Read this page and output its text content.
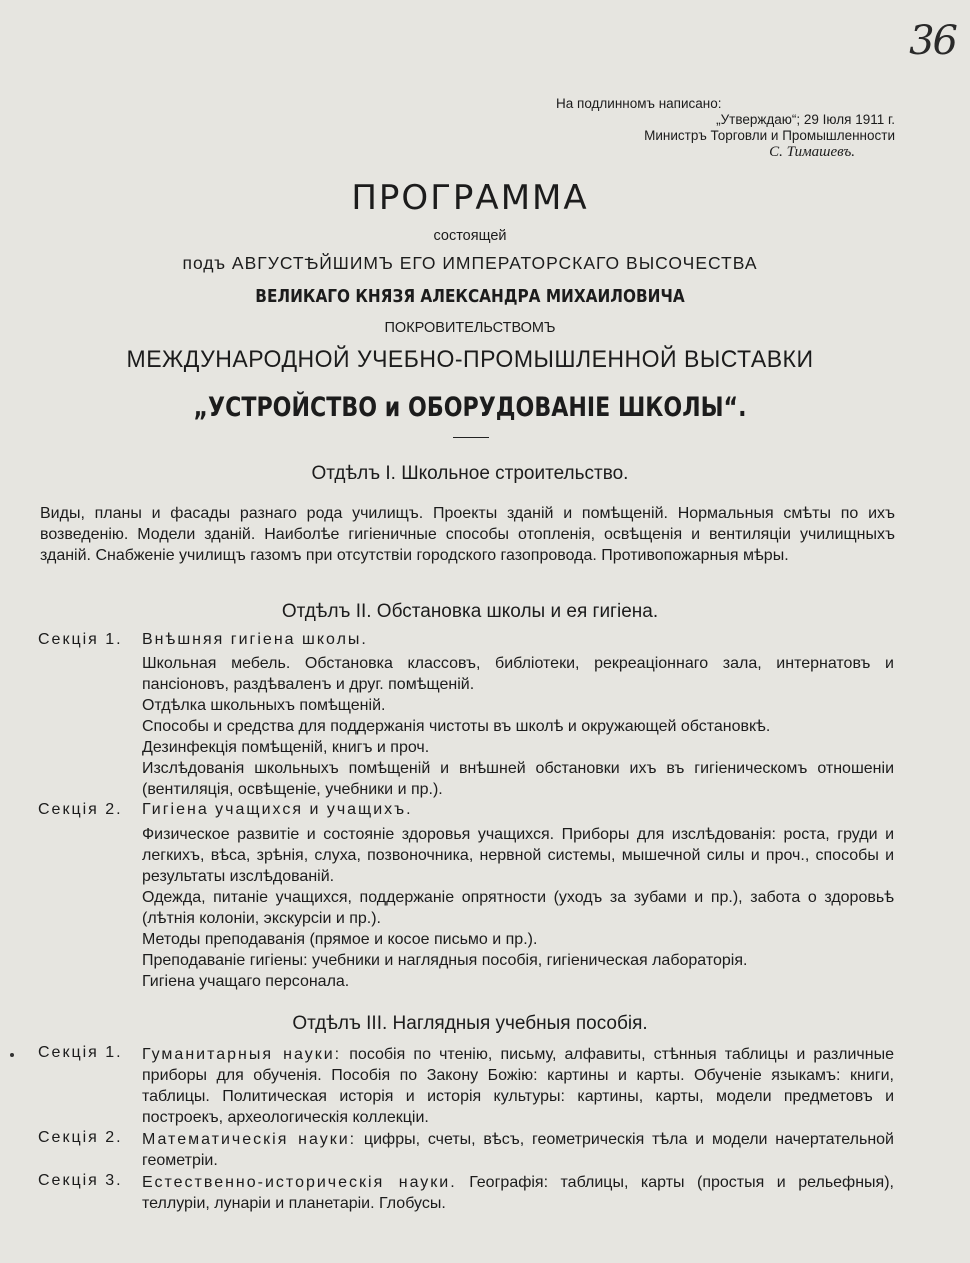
36
На подлинномъ написано:
„Утверждаю“; 29 Іюля 1911 г.
Министръ Торговли и Промышленности
С. Тимашевъ.
ПРОГРАММА
состоящей
подъ АВГУСТѢЙШИМЪ ЕГО ИМПЕРАТОРСКАГО ВЫСОЧЕСТВА
ВЕЛИКАГО КНЯЗЯ АЛЕКСАНДРА МИХАИЛОВИЧА
ПОКРОВИТЕЛЬСТВОМЪ
МЕЖДУНАРОДНОЙ УЧЕБНО-ПРОМЫШЛЕННОЙ ВЫСТАВКИ
„УСТРОЙСТВО и ОБОРУДОВАНІЕ ШКОЛЫ“.
Отдѣлъ I. Школьное строительство.
Виды, планы и фасады разнаго рода училищъ. Проекты зданій и помѣщеній. Нормальныя смѣты по ихъ возведенію. Модели зданій. Наиболѣе гигіеничные способы отопленія, освѣщенія и вентиляціи училищныхъ зданій. Снабженіе училищъ газомъ при отсутствіи городского газопровода. Противопожарныя мѣры.
Отдѣлъ II. Обстановка школы и ея гигіена.
Секція 1. Внѣшняя гигіена школы.
Школьная мебель. Обстановка классовъ, библіотеки, рекреаціоннаго зала, интернатовъ и пансіоновъ, раздѣваленъ и друг. помѣщеній.
Отдѣлка школьныхъ помѣщеній.
Способы и средства для поддержанія чистоты въ школѣ и окружающей обстановкѣ.
Дезинфекція помѣщеній, книгъ и проч.
Изслѣдованія школьныхъ помѣщеній и внѣшней обстановки ихъ въ гигіеническомъ отношеніи (вентиляція, освѣщеніе, учебники и пр.).
Секція 2. Гигіена учащихся и учащихъ.
Физическое развитіе и состояніе здоровья учащихся. Приборы для изслѣдованія: роста, груди и легкихъ, вѣса, зрѣнія, слуха, позвоночника, нервной системы, мышечной силы и проч., способы и результаты изслѣдованій.
Одежда, питаніе учащихся, поддержаніе опрятности (уходъ за зубами и пр.), забота о здоровьѣ (лѣтнія колоніи, экскурсіи и пр.).
Методы преподаванія (прямое и косое письмо и пр.).
Преподаваніе гигіены: учебники и наглядныя пособія, гигіеническая лабораторія.
Гигіена учащаго персонала.
Отдѣлъ III. Наглядныя учебныя пособія.
Секція 1. Гуманитарныя науки: пособія по чтенію, письму, алфавиты, стѣнныя таблицы и различные приборы для обученія. Пособія по Закону Божію: картины и карты. Обученіе языкамъ: книги, таблицы. Политическая исторія и исторія культуры: картины, карты, модели предметовъ и построекъ, археологическія коллекціи.
Секція 2. Математическія науки: цифры, счеты, вѣсъ, геометрическія тѣла и модели начертательной геометріи.
Секція 3. Естественно-историческія науки. Географія: таблицы, карты (простыя и рельефныя), теллуріи, лунаріи и планетаріи. Глобусы.
